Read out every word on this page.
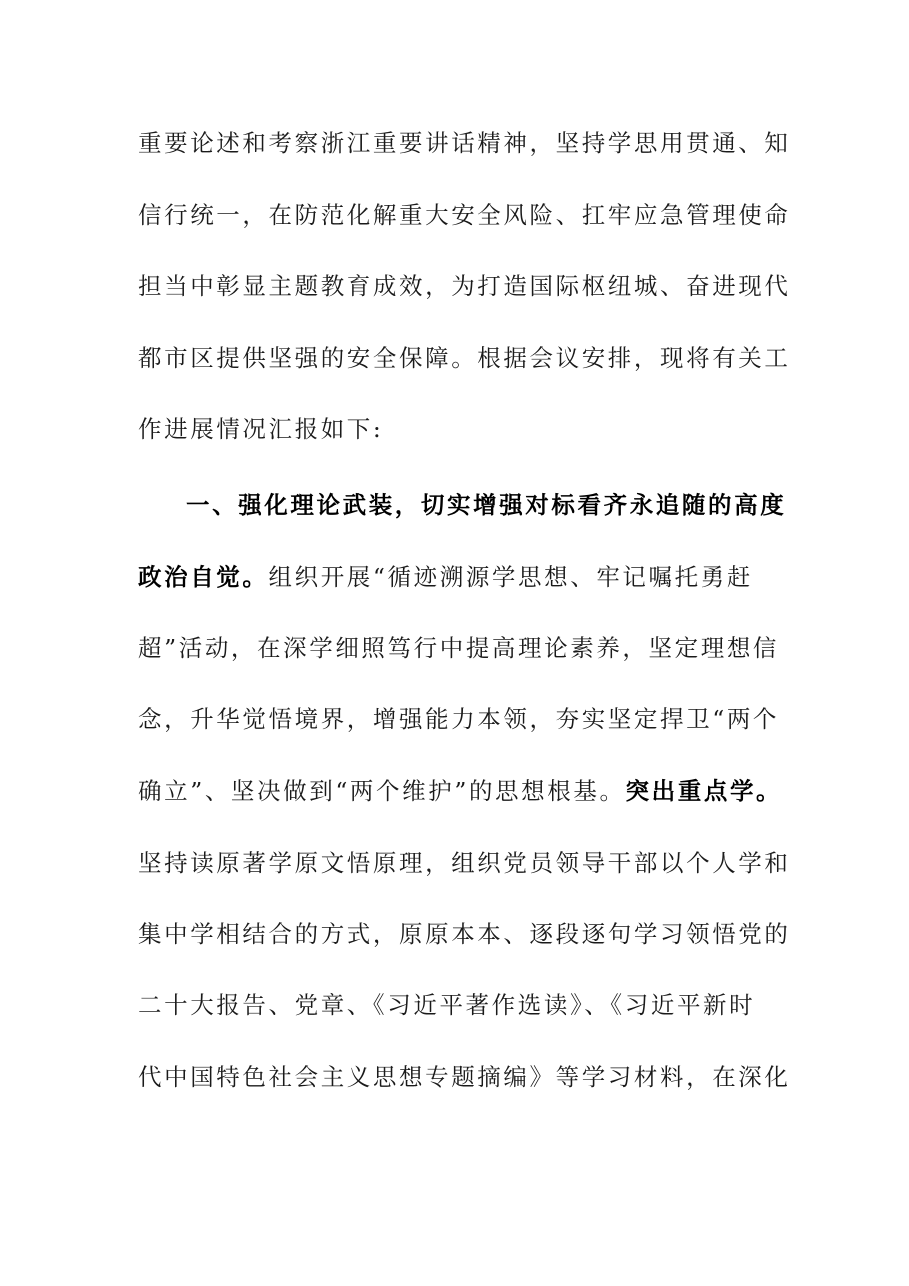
重要论述和考察浙江重要讲话精神，坚持学思用贯通、知
信行统一，在防范化解重大安全风险、扛牢应急管理使命
担当中彰显主题教育成效，为打造国际枢纽城、奋进现代
都市区提供坚强的安全保障。根据会议安排，现将有关工
作进展情况汇报如下:
一、强化理论武装，切实增强对标看齐永追随的高度
政治自觉。组织开展“循迹溯源学思想、牢记嘱托勇赶
超”活动，在深学细照笃行中提高理论素养，坚定理想信
念，升华觉悟境界，增强能力本领，夯实坚定捍卫“两个
确立”、坚决做到“两个维护”的思想根基。突出重点学。
坚持读原著学原文悟原理，组织党员领导干部以个人学和
集中学相结合的方式，原原本本、逐段逐句学习领悟党的
二十大报告、党章、《习近平著作选读》、《习近平新时
代中国特色社会主义思想专题摘编》等学习材料，在深化
